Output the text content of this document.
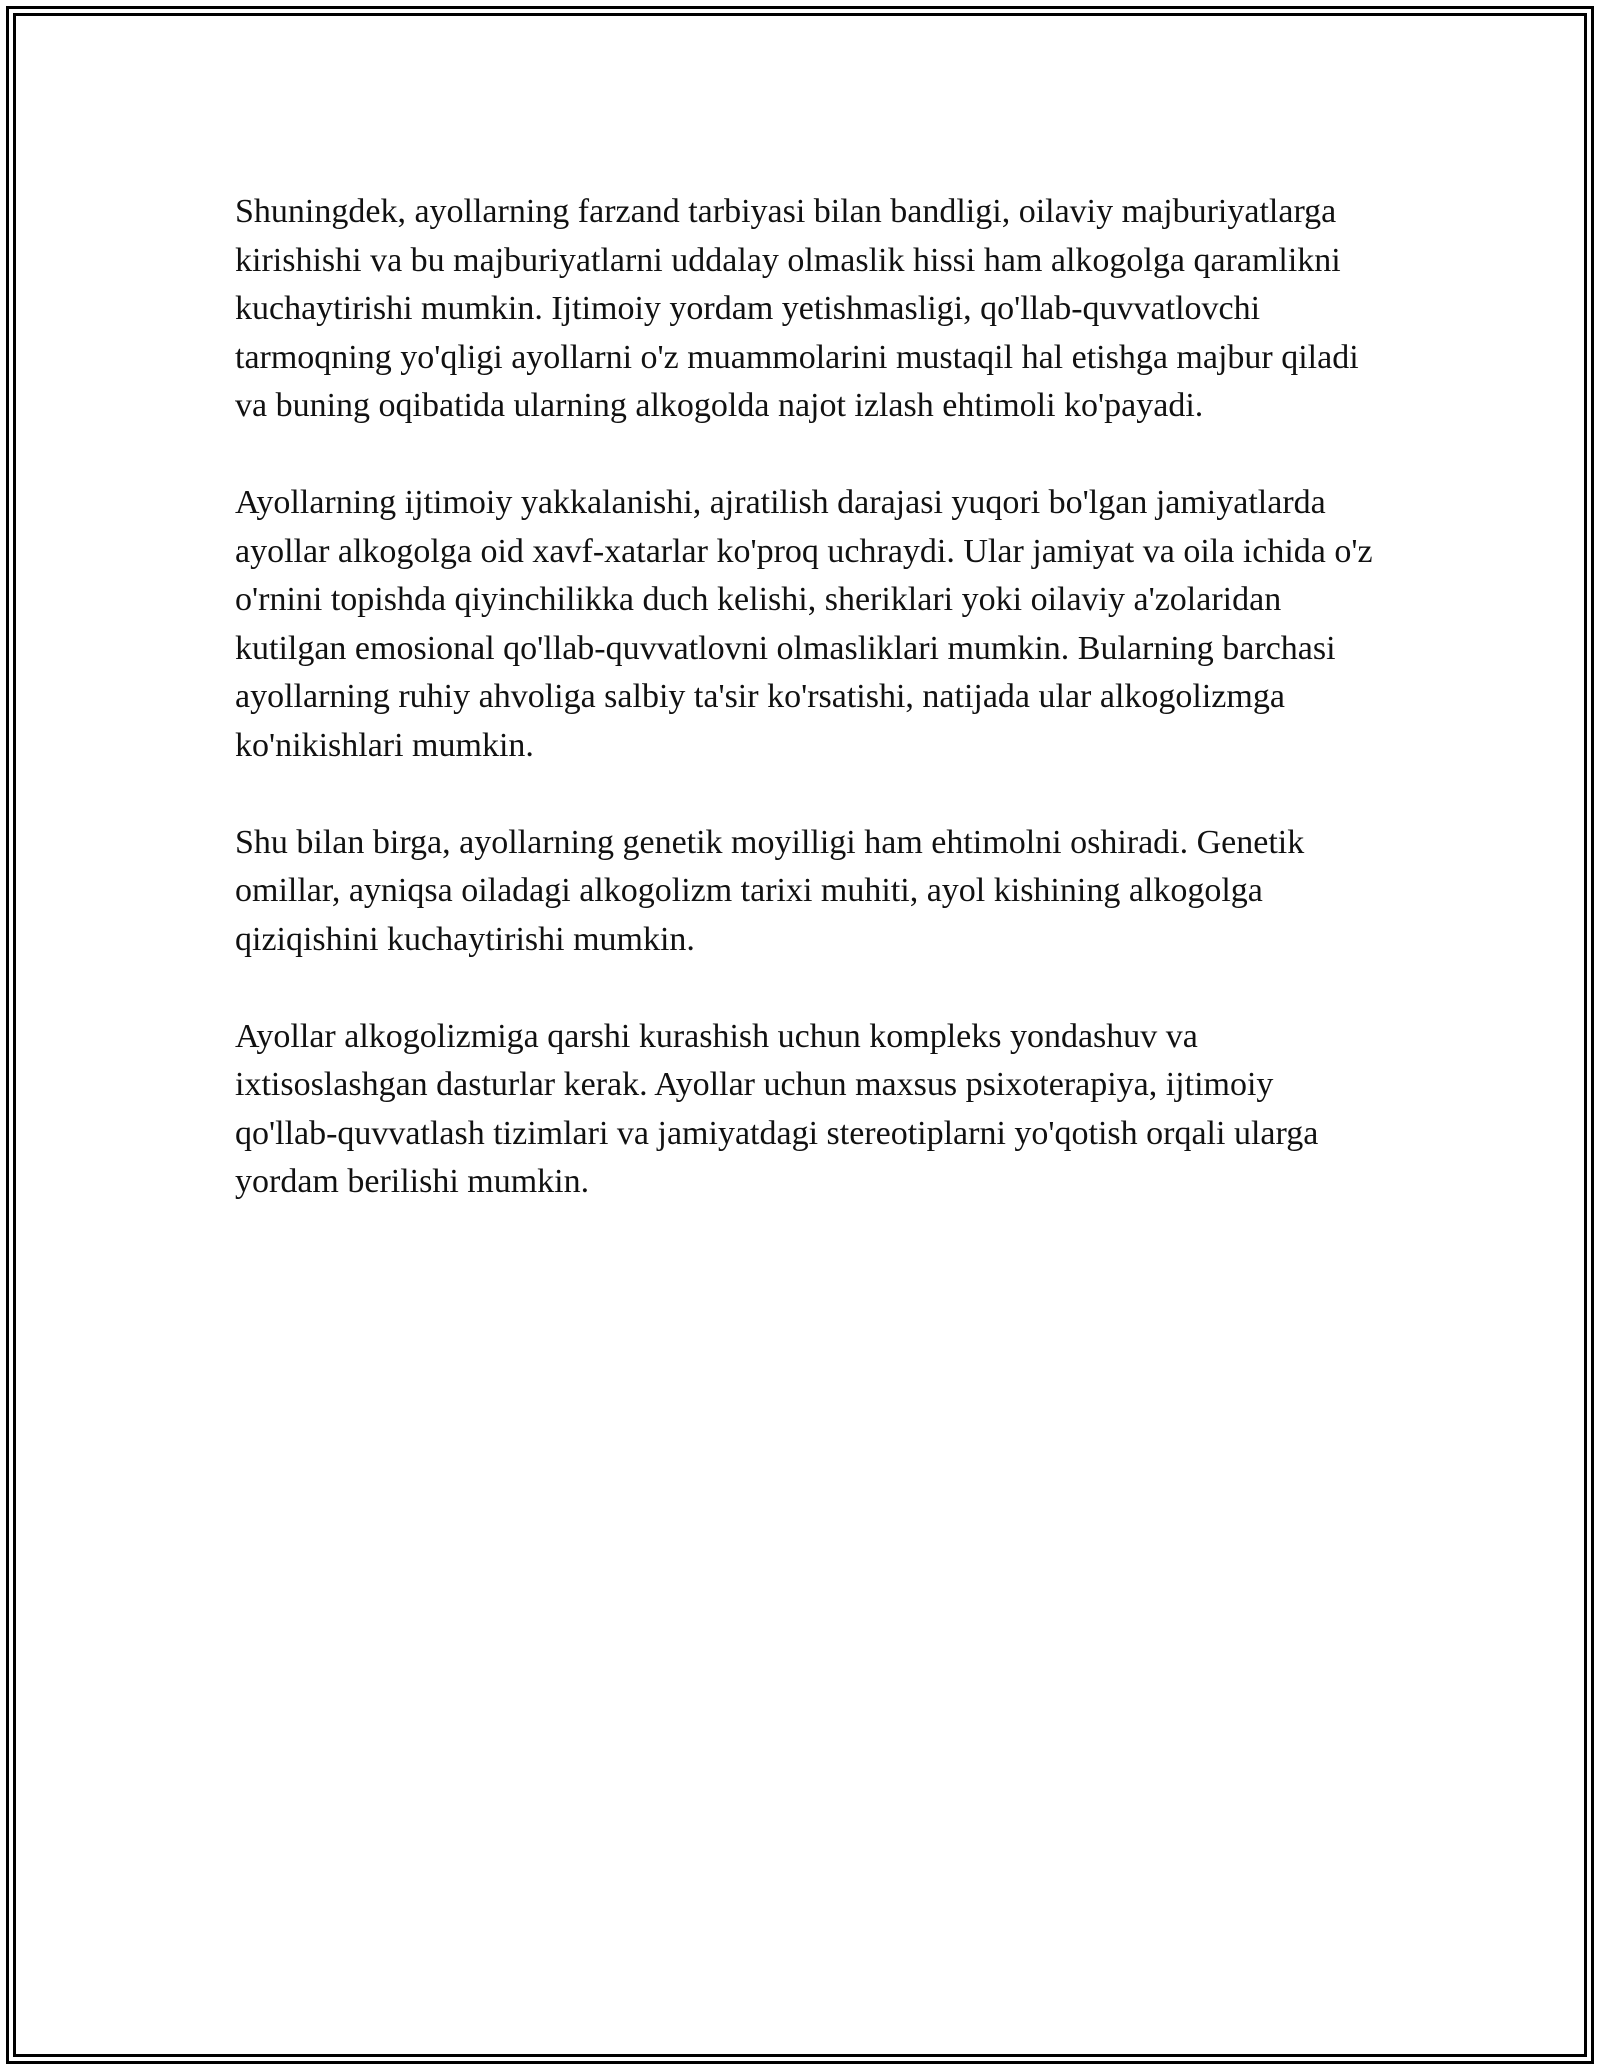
Shuningdek, ayollarning farzand tarbiyasi bilan bandligi, oilaviy majburiyatlarga kirishishi va bu majburiyatlarni uddalay olmaslik hissi ham alkogolga qaramlikni kuchaytirishi mumkin. Ijtimoiy yordam yetishmasligi, qo'llab-quvvatlovchi tarmoqning yo'qligi ayollarni o'z muammolarini mustaqil hal etishga majbur qiladi va buning oqibatida ularning alkogolda najot izlash ehtimoli ko'payadi.

Ayollarning ijtimoiy yakkalanishi, ajratilish darajasi yuqori bo'lgan jamiyatlarda ayollar alkogolga oid xavf-xatarlar ko'proq uchraydi. Ular jamiyat va oila ichida o'z o'rnini topishda qiyinchilikka duch kelishi, sheriklari yoki oilaviy a'zolaridan kutilgan emosional qo'llab-quvvatlovni olmasliklari mumkin. Bularning barchasi ayollarning ruhiy ahvoliga salbiy ta'sir ko'rsatishi, natijada ular alkogolizmga ko'nikishlari mumkin.

Shu bilan birga, ayollarning genetik moyilligi ham ehtimolni oshiradi. Genetik omillar, ayniqsa oiladagi alkogolizm tarixi muhiti, ayol kishining alkogolga qiziqishini kuchaytirishi mumkin.

Ayollar alkogolizmiga qarshi kurashish uchun kompleks yondashuv va ixtisoslashgan dasturlar kerak. Ayollar uchun maxsus psixoterapiya, ijtimoiy qo'llab-quvvatlash tizimlari va jamiyatdagi stereotiplarni yo'qotish orqali ularga yordam berilishi mumkin.
